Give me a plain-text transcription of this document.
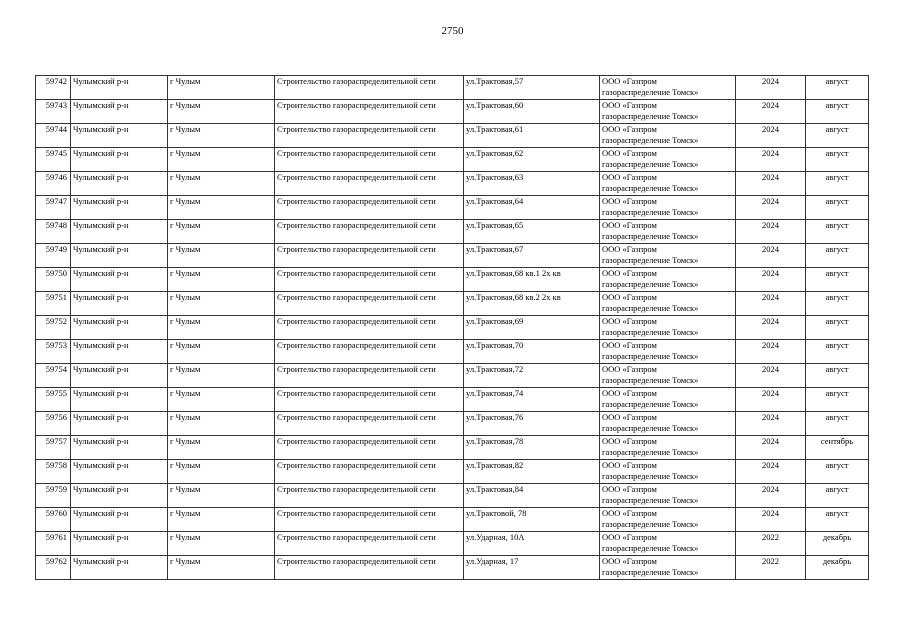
2750
59742	Чулымский р-н	г Чулым	Строительство газораспределительной сети	ул.Трактовая,57	ООО «Газпром
газораспределение Томск»	2024	август
59743	Чулымский р-н	г Чулым	Строительство газораспределительной сети	ул.Трактовая,60	ООО «Газпром
газораспределение Томск»	2024	август
59744	Чулымский р-н	г Чулым	Строительство газораспределительной сети	ул.Трактовая,61	ООО «Газпром
газораспределение Томск»	2024	август
59745	Чулымский р-н	г Чулым	Строительство газораспределительной сети	ул.Трактовая,62	ООО «Газпром
газораспределение Томск»	2024	август
59746	Чулымский р-н	г Чулым	Строительство газораспределительной сети	ул.Трактовая,63	ООО «Газпром
газораспределение Томск»	2024	август
59747	Чулымский р-н	г Чулым	Строительство газораспределительной сети	ул.Трактовая,64	ООО «Газпром
газораспределение Томск»	2024	август
59748	Чулымский р-н	г Чулым	Строительство газораспределительной сети	ул.Трактовая,65	ООО «Газпром
газораспределение Томск»	2024	август
59749	Чулымский р-н	г Чулым	Строительство газораспределительной сети	ул.Трактовая,67	ООО «Газпром
газораспределение Томск»	2024	август
59750	Чулымский р-н	г Чулым	Строительство газораспределительной сети	ул.Трактовая,68 кв.1 2х кв	ООО «Газпром
газораспределение Томск»	2024	август
59751	Чулымский р-н	г Чулым	Строительство газораспределительной сети	ул.Трактовая,68 кв.2 2х кв	ООО «Газпром
газораспределение Томск»	2024	август
59752	Чулымский р-н	г Чулым	Строительство газораспределительной сети	ул.Трактовая,69	ООО «Газпром
газораспределение Томск»	2024	август
59753	Чулымский р-н	г Чулым	Строительство газораспределительной сети	ул.Трактовая,70	ООО «Газпром
газораспределение Томск»	2024	август
59754	Чулымский р-н	г Чулым	Строительство газораспределительной сети	ул.Трактовая,72	ООО «Газпром
газораспределение Томск»	2024	август
59755	Чулымский р-н	г Чулым	Строительство газораспределительной сети	ул.Трактовая,74	ООО «Газпром
газораспределение Томск»	2024	август
59756	Чулымский р-н	г Чулым	Строительство газораспределительной сети	ул.Трактовая,76	ООО «Газпром
газораспределение Томск»	2024	август
59757	Чулымский р-н	г Чулым	Строительство газораспределительной сети	ул.Трактовая,78	ООО «Газпром
газораспределение Томск»	2024	сентябрь
59758	Чулымский р-н	г Чулым	Строительство газораспределительной сети	ул.Трактовая,82	ООО «Газпром
газораспределение Томск»	2024	август
59759	Чулымский р-н	г Чулым	Строительство газораспределительной сети	ул.Трактовая,84	ООО «Газпром
газораспределение Томск»	2024	август
59760	Чулымский р-н	г Чулым	Строительство газораспределительной сети	ул.Трактовой, 78	ООО «Газпром
газораспределение Томск»	2024	август
59761	Чулымский р-н	г Чулым	Строительство газораспределительной сети	ул.Ударная, 10А	ООО «Газпром
газораспределение Томск»	2022	декабрь
59762	Чулымский р-н	г Чулым	Строительство газораспределительной сети	ул.Ударная, 17	ООО «Газпром
газораспределение Томск»	2022	декабрь
